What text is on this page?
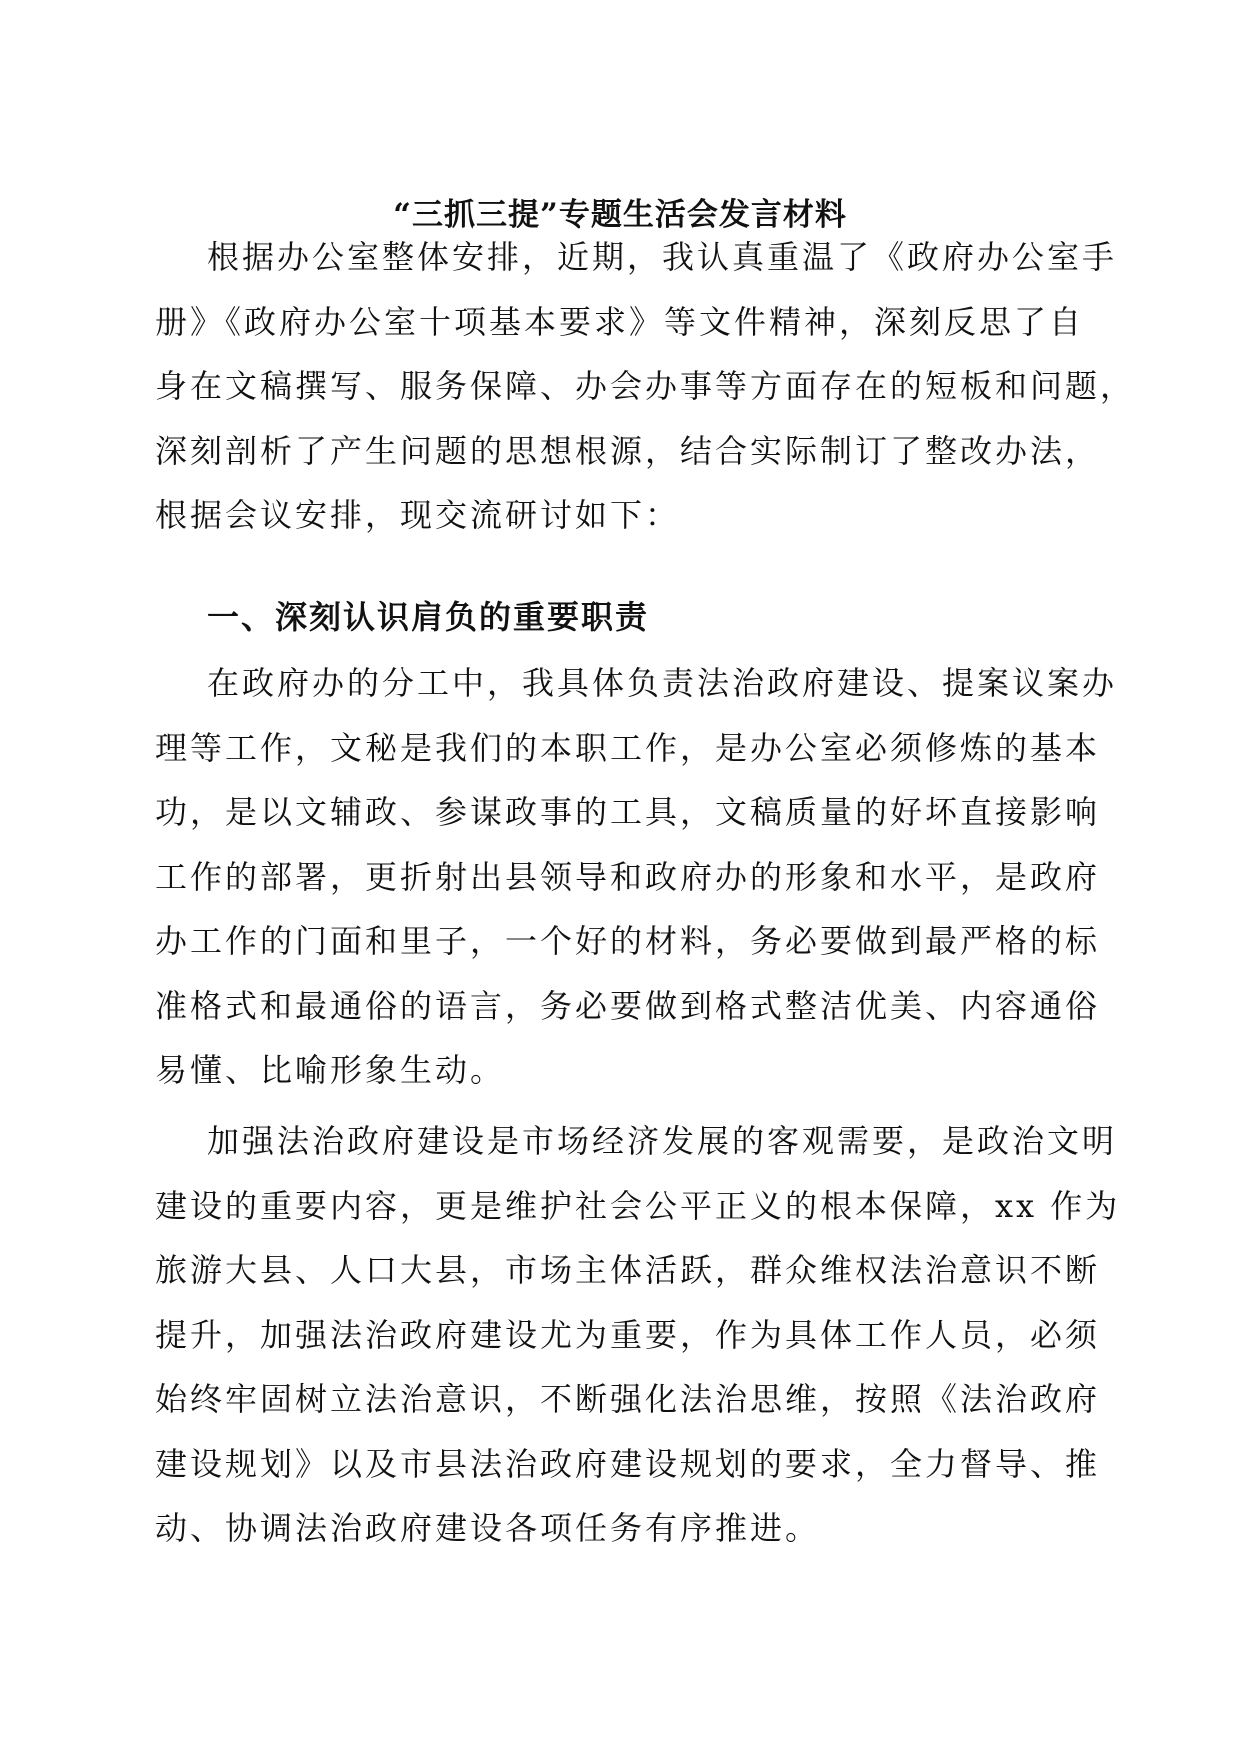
“三抓三提”专题生活会发言材料
根据办公室整体安排，近期，我认真重温了《政府办公室手
册》《政府办公室十项基本要求》等文件精神，深刻反思了自
身在文稿撰写、服务保障、办会办事等方面存在的短板和问题，
深刻剖析了产生问题的思想根源，结合实际制订了整改办法，
根据会议安排，现交流研讨如下：
一、深刻认识肩负的重要职责
在政府办的分工中，我具体负责法治政府建设、提案议案办
理等工作，文秘是我们的本职工作，是办公室必须修炼的基本
功，是以文辅政、参谋政事的工具，文稿质量的好坏直接影响
工作的部署，更折射出县领导和政府办的形象和水平，是政府
办工作的门面和里子，一个好的材料，务必要做到最严格的标
准格式和最通俗的语言，务必要做到格式整洁优美、内容通俗
易懂、比喻形象生动。
加强法治政府建设是市场经济发展的客观需要，是政治文明
建设的重要内容，更是维护社会公平正义的根本保障，xx 作为
旅游大县、人口大县，市场主体活跃，群众维权法治意识不断
提升，加强法治政府建设尤为重要，作为具体工作人员，必须
始终牢固树立法治意识，不断强化法治思维，按照《法治政府
建设规划》以及市县法治政府建设规划的要求，全力督导、推
动、协调法治政府建设各项任务有序推进。
